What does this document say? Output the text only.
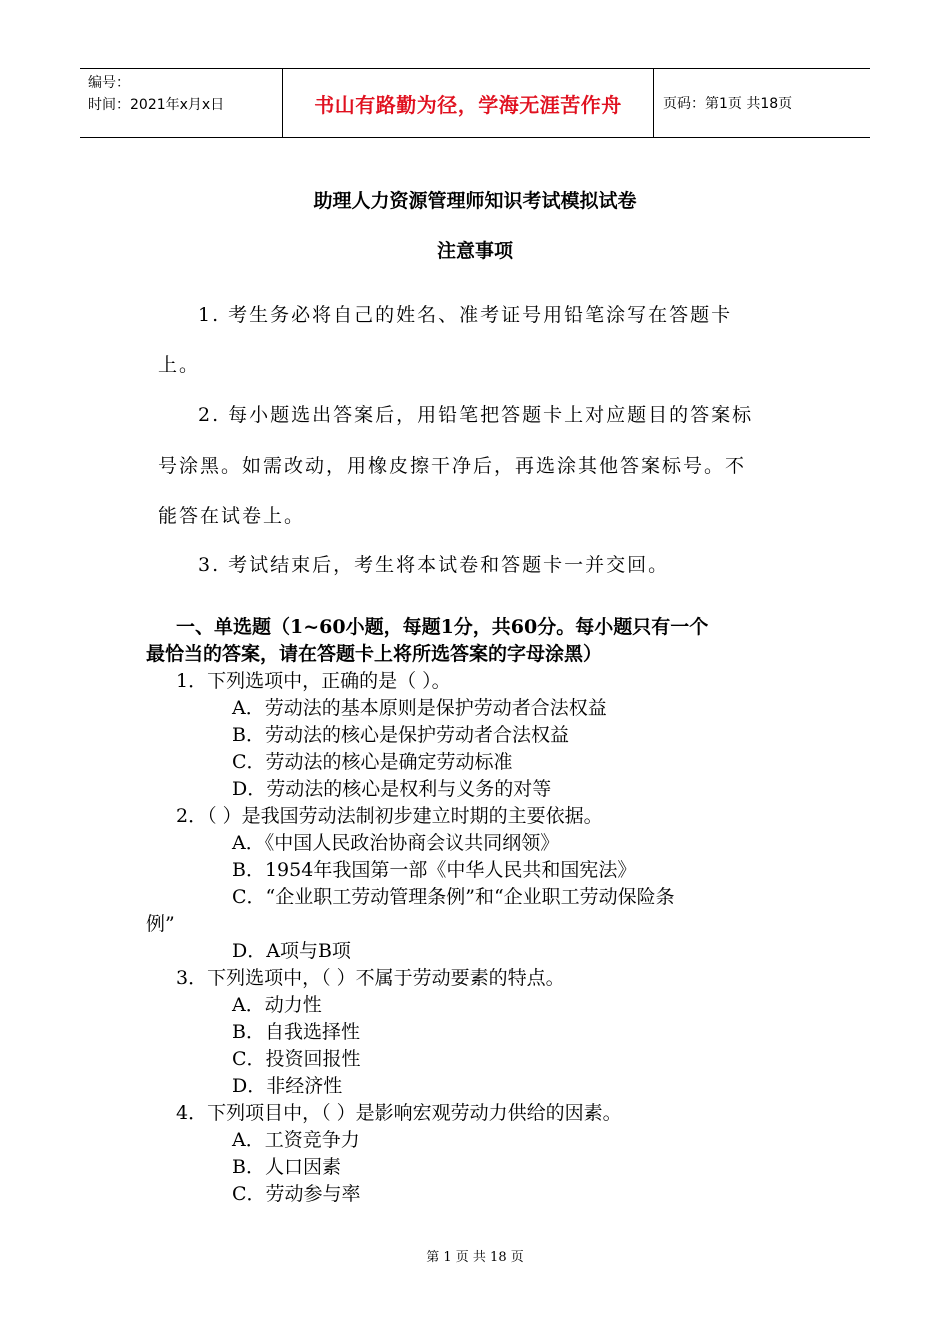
编号：
时间：2021年x月x日	书山有路勤为径，学海无涯苦作舟	页码：第1页 共18页
助理人力资源管理师知识考试模拟试卷
注意事项
1. 考生务必将自己的姓名、准考证号用铅笔涂写在答题卡
上。
2. 每小题选出答案后，用铅笔把答题卡上对应题目的答案标
号涂黑。如需改动，用橡皮擦干净后，再选涂其他答案标号。不
能答在试卷上。
3. 考试结束后，考生将本试卷和答题卡一并交回。
一、单选题（1~60小题，每题1分，共60分。每小题只有一个
最恰当的答案，请在答题卡上将所选答案的字母涂黑）
1．下列选项中，正确的是（ ）。
A．劳动法的基本原则是保护劳动者合法权益
B．劳动法的核心是保护劳动者合法权益
C．劳动法的核心是确定劳动标准
D．劳动法的核心是权利与义务的对等
2．（ ）是我国劳动法制初步建立时期的主要依据。
A．《中国人民政治协商会议共同纲领》
B．1954年我国第一部《中华人民共和国宪法》
C．“企业职工劳动管理条例”和“企业职工劳动保险条
例”
D．A项与B项
3．下列选项中，（ ）不属于劳动要素的特点。
A．动力性
B．自我选择性
C．投资回报性
D．非经济性
4．下列项目中，（ ）是影响宏观劳动力供给的因素。
A．工资竞争力
B．人口因素
C．劳动参与率
第 1 页 共 18 页
